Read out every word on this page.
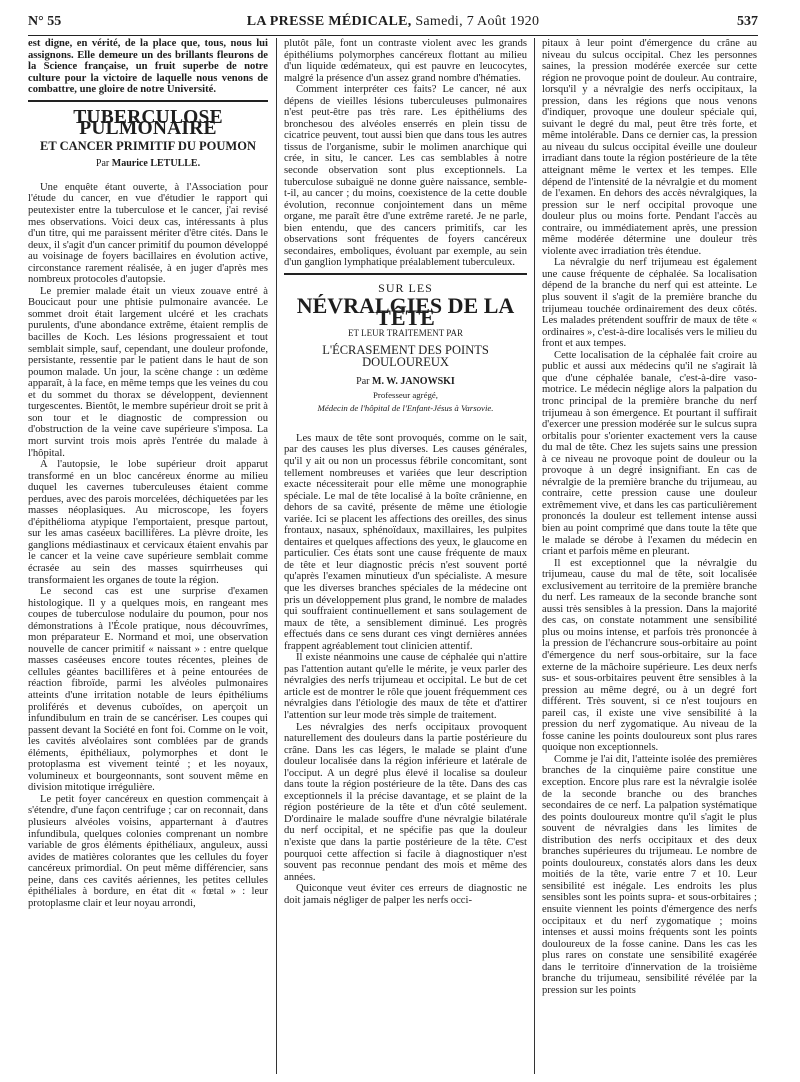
N° 55	LA PRESSE MÉDICALE, Samedi, 7 Août 1920	537

est digne, en vérité, de la place que, tous, nous lui assignons. Elle demeure un des brillants fleurons de la Science française, un fruit superbe de notre culture pour la victoire de laquelle nous venons de combattre, une gloire de notre Université.

TUBERCULOSE PULMONAIRE
ET CANCER PRIMITIF DU POUMON
Par Maurice LETULLE.

Une enquête étant ouverte, à l'Association pour l'étude du cancer, en vue d'étudier le rapport qui peutexister entre la tuberculose et le cancer, j'ai revisé mes observations. Voici deux cas, intéressants à plus d'un titre, qui me paraissent mériter d'être cités. Dans le deux, il s'agit d'un cancer primitif du poumon développé au voisinage de foyers bacillaires en évolution active, circonstance rarement réalisée, à en juger d'après mes nombreux protocoles d'autopsie.

Le premier malade était un vieux zouave entré à Boucicaut pour une phtisie pulmonaire avancée. Le sommet droit était largement ulcéré et les crachats purulents, d'une abondance extrême, étaient remplis de bacilles de Koch. Les lésions progressaient et tout semblait simple, sauf, cependant, une douleur profonde, persistante, ressentie par le patient dans le haut de son poumon malade. Un jour, la scène change : un œdème apparaît, à la face, en même temps que les veines du cou et du sommet du thorax se développent, deviennent turgescentes. Bientôt, le membre supérieur droit se prit à son tour et le diagnostic de compression ou d'obstruction de la veine cave supérieure s'imposa. La mort survint trois mois après l'entrée du malade à l'hôpital.

A l'autopsie, le lobe supérieur droit apparut transformé en un bloc cancéreux énorme au milieu duquel les cavernes tuberculeuses étaient comme perdues, avec des parois morcelées, déchiquetées par les masses néoplasiques. Au microscope, les foyers d'épithélioma atypique l'emportaient, presque partout, sur les amas caséeux bacillifères. La plèvre droite, les ganglions médiastinaux et cervicaux étaient envahis par le cancer et la veine cave supérieure semblait comme écrasée au sein des masses squirrheuses qui transformaient les organes de toute la région.

Le second cas est une surprise d'examen histologique. Il y a quelques mois, en rangeant mes coupes de tuberculose nodulaire du poumon, pour nos démonstrations à l'École pratique, nous découvrîmes, mon préparateur E. Normand et moi, une observation nouvelle de cancer primitif « naissant » : entre quelque masses caséeuses encore toutes récentes, pleines de cellules géantes bacillifères et à peine entourées de réaction fibroïde, parmi les alvéoles pulmonaires atteints d'une irritation notable de leurs épithéliums proliférés et devenus cuboïdes, on aperçoit un infundibulum en train de se cancériser. Les coupes qui passent devant la Société en font foi. Comme on le voit, les cavités alvéolaires sont comblées par de grands éléments, épithéliaux, polymorphes et dont le protoplasma est vivement teinté ; et les noyaux, volumineux et bourgeonnants, sont souvent même en division mitotique irrégulière.

Le petit foyer cancéreux en question commençait à s'étendre, d'une façon centrifuge ; car on reconnait, dans plusieurs alvéoles voisins, apparternant à d'autres infundibula, quelques colonies comprenant un nombre variable de gros éléments épithéliaux, anguleux, aussi avides de matières colorantes que les cellules du foyer cancéreux primordial. On peut même différencier, sans peine, dans ces cavités aériennes, les petites cellules épithéliales à bordure, en état dit « fœtal » : leur protoplasme clair et leur noyau arrondi,

plutôt pâle, font un contraste violent avec les grands épithéliums polymorphes cancéreux flottant au milieu d'un liquide œdémateux, qui est pauvre en leucocytes, malgré la présence d'un assez grand nombre d'hématies.

Comment interpréter ces faits? Le cancer, né aux dépens de vieilles lésions tuberculeuses pulmonaires n'est peut-être pas très rare. Les épithéliums des bronchesou des alvéoles enserrés en plein tissu de cicatrice peuvent, tout aussi bien que dans tous les autres tissus de l'organisme, subir le molimen anarchique qui crée, in situ, le cancer. Les cas semblables à notre seconde observation sont plus exceptionnels. La tuberculose subaiguë ne donne guère naissance, semble-t-il, au cancer ; du moins, coexistence de la cette double évolution, reconnue conjointement dans un même organe, me paraît être d'une extrême rareté. Je ne parle, bien entendu, que des cancers primitifs, car les observations sont fréquentes de foyers cancéreux secondaires, emboliques, évoluant par exemple, au sein d'un ganglion lymphatique préalablement tuberculeux.

SUR LES
NÉVRALGIES DE LA TÊTE
ET LEUR TRAITEMENT PAR
L'ÉCRASEMENT DES POINTS DOULOUREUX
Par M. W. JANOWSKI
Professeur agrégé,
Médecin de l'hôpital de l'Enfant-Jésus à Varsovie.

Les maux de tête sont provoqués, comme on le sait, par des causes les plus diverses. Les causes générales, qu'il y ait ou non un processus fébrile concomitant, sont tellement nombreuses et variées que leur description exacte nécessiterait pour elle même une monographie spéciale. Le mal de tête localisé à la boîte crânienne, en dehors de sa cavité, présente de même une étiologie variée. Ici se placent les affections des oreilles, des sinus frontaux, nasaux, sphénoïdaux, maxillaires, les pulpites dentaires et quelques affections des yeux, le glaucome en particulier. Ces états sont une cause fréquente de maux de tête et leur diagnostic précis n'est souvent porté qu'après l'examen minutieux d'un spécialiste. A mesure que les diverses branches spéciales de la médecine ont pris un développement plus grand, le nombre de malades qui souffraient continuellement et sans soulagement de maux de tête, a sensiblement diminué. Les progrès effectués dans ce sens durant ces vingt dernières années frappent agréablement tout clinicien attentif.

Il existe néanmoins une cause de céphalée qui n'attire pas l'attention autant qu'elle le mérite, je veux parler des névralgies des nerfs trijumeau et occipital. Le but de cet article est de montrer le rôle que jouent fréquemment ces névralgies dans l'étiologie des maux de tête et d'attirer l'attention sur leur mode très simple de traitement.

Les névralgies des nerfs occipitaux provoquent naturellement des douleurs dans la partie postérieure du crâne. Dans les cas légers, le malade se plaint d'une douleur localisée dans la région inférieure et latérale de l'occiput. A un degré plus élevé il localise sa douleur dans toute la région postérieure de la tête. Dans des cas exceptionnels il la précise davantage, et se plaint de la région postérieure de la tête et d'un côté seulement. D'ordinaire le malade souffre d'une névralgie bilatérale du nerf occipital, et ne spécifie pas que la douleur n'existe que dans la partie postérieure de la tête. C'est pourquoi cette affection si facile à diagnostiquer n'est souvent pas reconnue pendant des mois et même des années.

Quiconque veut éviter ces erreurs de diagnostic ne doit jamais négliger de palper les nerfs occi-

pitaux à leur point d'émergence du crâne au niveau du sulcus occipital. Chez les personnes saines, la pression modérée exercée sur cette région ne provoque point de douleur. Au contraire, lorsqu'il y a névralgie des nerfs occipitaux, la pression, dans les régions que nous venons d'indiquer, provoque une douleur spéciale qui, suivant le degré du mal, peut être très forte, et même intolérable. Dans ce dernier cas, la pression au niveau du sulcus occipital éveille une douleur irradiant dans toute la région postérieure de la tête atteignant même le vertex et les tempes. Elle dépend de l'intensité de la névralgie et du moment de l'examen. En dehors des accès névralgiques, la pression sur le nerf occipital provoque une douleur plus ou moins forte. Pendant l'accès au contraire, ou immédiatement après, une pression même modérée détermine une douleur très violente avec irradiation très étendue.

La névralgie du nerf trijumeau est également une cause fréquente de céphalée. Sa localisation dépend de la branche du nerf qui est atteinte. Le plus souvent il s'agit de la première branche du trijumeau touchée ordinairement des deux côtés. Les malades prétendent souffrir de maux de tête « ordinaires », c'est-à-dire localisés vers le milieu du front et aux tempes.

Cette localisation de la céphalée fait croire au public et aussi aux médecins qu'il ne s'agirait là que d'une céphalée banale, c'est-à-dire vaso-motrice. Le médecin néglige alors la palpation du tronc principal de la première branche du nerf trijumeau à son émergence. Et pourtant il suffirait d'exercer une pression modérée sur le sulcus supra orbitalis pour s'orienter exactement vers la cause du mal de tête. Chez les sujets sains une pression à ce niveau ne provoque point de douleur ou la provoque à un degré insignifiant. En cas de névralgie de la première branche du trijumeau, au contraire, cette pression cause une douleur extrêmement vive, et dans les cas particulièrement prononcés la douleur est tellement intense aussi bien au point comprimé que dans toute la tête que le malade se dérobe à l'examen du médecin en criant et parfois même en pleurant.

Il est exceptionnel que la névralgie du trijumeau, cause du mal de tête, soit localisée exclusivement au territoire de la première branche du nerf. Les rameaux de la seconde branche sont aussi très sensibles à la pression. Dans la majorité des cas, on constate notamment une sensibilité plus ou moins intense, et parfois très prononcée à la pression de l'échancrure sous-orbitaire au point d'émergence du nerf sous-orbitaire, sur la face externe de la mâchoire supérieure. Les deux nerfs sus- et sous-orbitaires peuvent être sensibles à la pression au même degré, ou à un degré fort différent. Très souvent, si ce n'est toujours en pareil cas, il existe une vive sensibilité à la pression du nerf zygomatique. Au niveau de la fosse canine les points douloureux sont plus rares quoique non exceptionnels.

Comme je l'ai dit, l'atteinte isolée des premières branches de la cinquième paire constitue une exception. Encore plus rare est la névralgie isolée de la seconde branche ou des branches secondaires de ce nerf. La palpation systématique des points douloureux montre qu'il s'agit le plus souvent de névralgies dans les limites de distribution des nerfs occipitaux et des deux branches supérieures du trijumeau. Le nombre de points douloureux, constatés alors dans les deux moitiés de la tête, varie entre 7 et 10. Leur sensibilité est inégale. Les endroits les plus sensibles sont les points supra- et sous-orbitaires ; ensuite viennent les points d'émergence des nerfs occipitaux et du nerf zygomatique ; moins intenses et aussi moins fréquents sont les points douloureux de la fosse canine. Dans les cas les plus rares on constate une sensibilité exagérée dans le territoire d'innervation de la troisième branche du trijumeau, sensibilité révélée par la pression sur les points
